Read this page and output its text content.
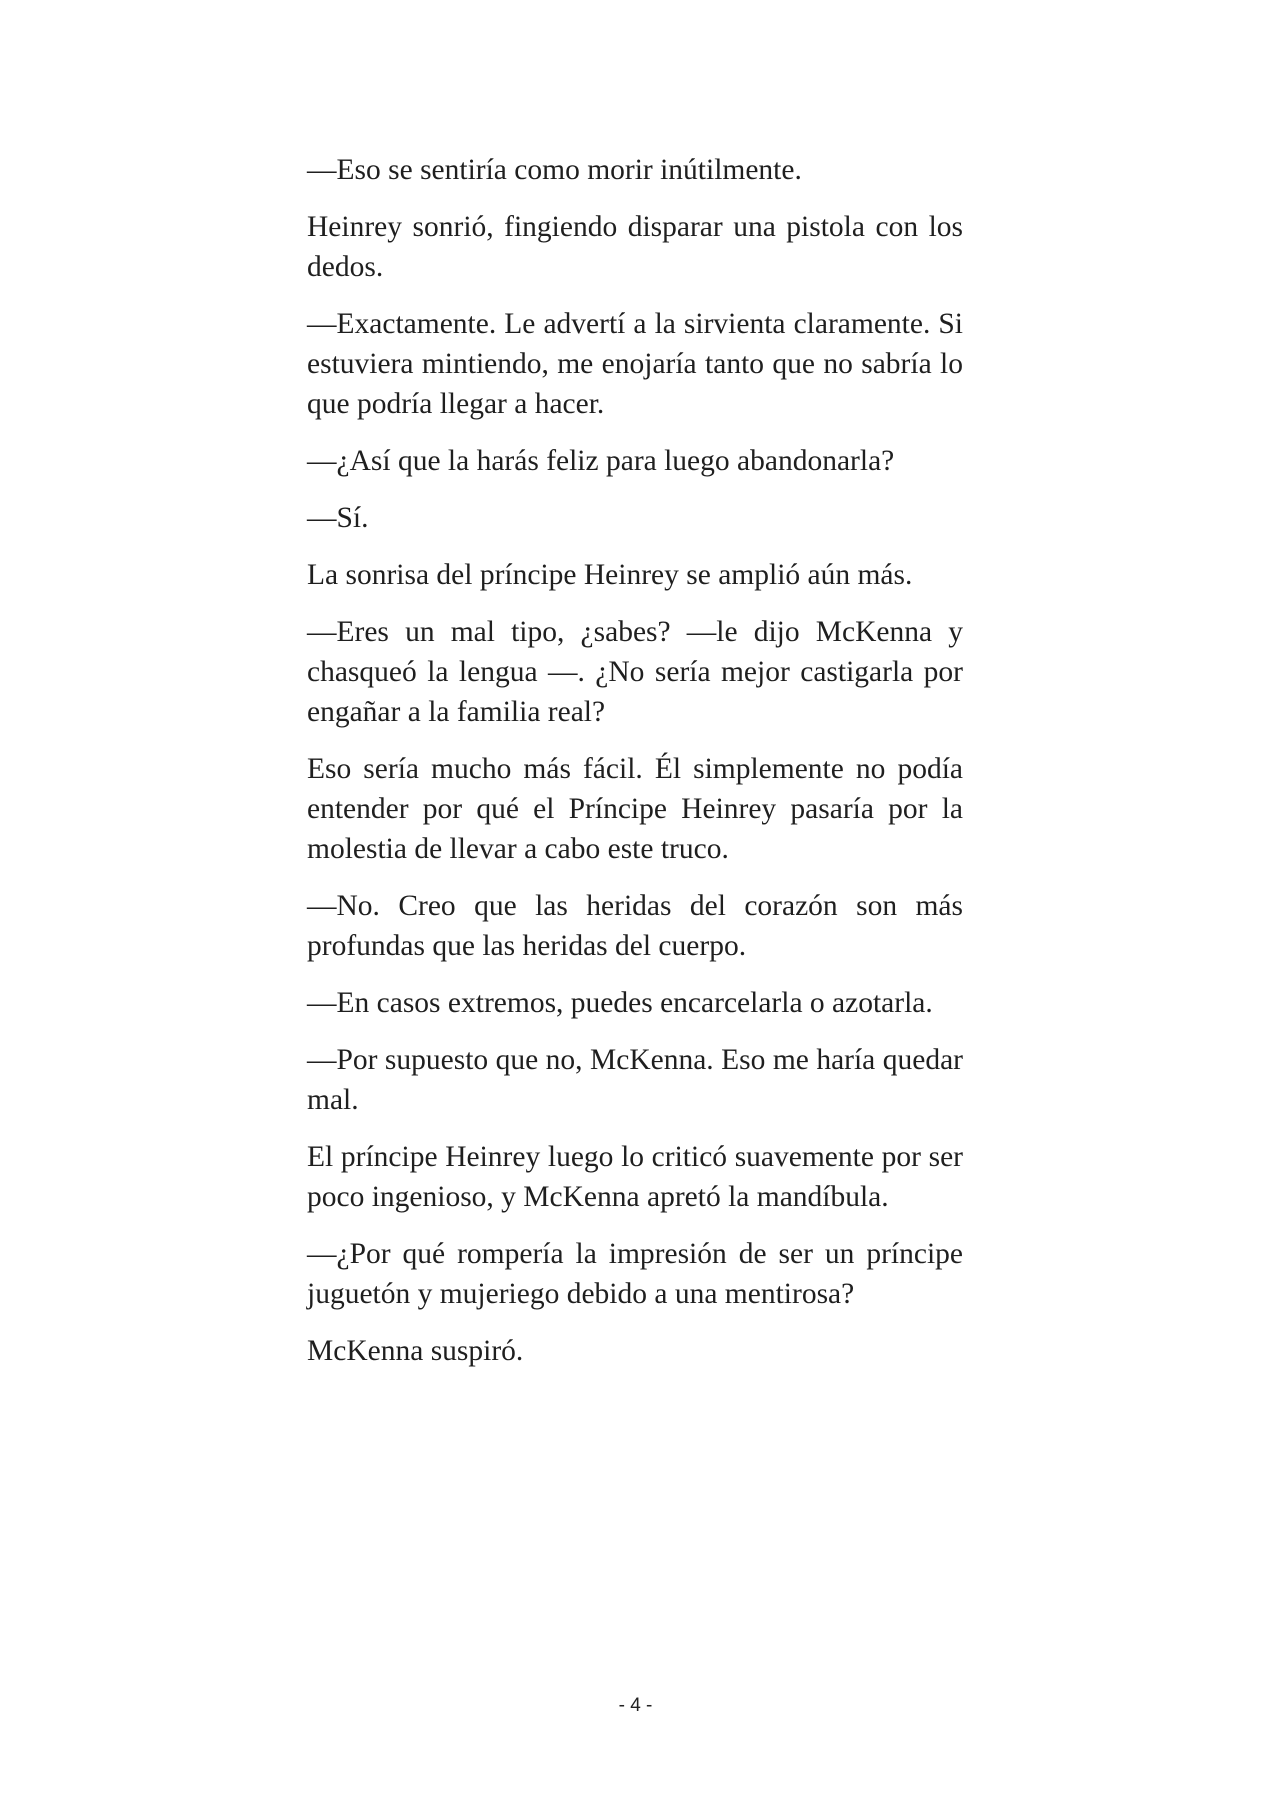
—Eso se sentiría como morir inútilmente.

Heinrey sonrió, fingiendo disparar una pistola con los dedos.

—Exactamente. Le advertí a la sirvienta claramente. Si estuviera mintiendo, me enojaría tanto que no sabría lo que podría llegar a hacer.

—¿Así que la harás feliz para luego abandonarla?

—Sí.

La sonrisa del príncipe Heinrey se amplió aún más.

—Eres un mal tipo, ¿sabes? —le dijo McKenna y chasqueó la lengua —. ¿No sería mejor castigarla por engañar a la familia real?

Eso sería mucho más fácil. Él simplemente no podía entender por qué el Príncipe Heinrey pasaría por la molestia de llevar a cabo este truco.

—No. Creo que las heridas del corazón son más profundas que las heridas del cuerpo.

—En casos extremos, puedes encarcelarla o azotarla.

—Por supuesto que no, McKenna. Eso me haría quedar mal.

El príncipe Heinrey luego lo criticó suavemente por ser poco ingenioso, y McKenna apretó la mandíbula.

—¿Por qué rompería la impresión de ser un príncipe juguetón y mujeriego debido a una mentirosa?

McKenna suspiró.

- 4 -
